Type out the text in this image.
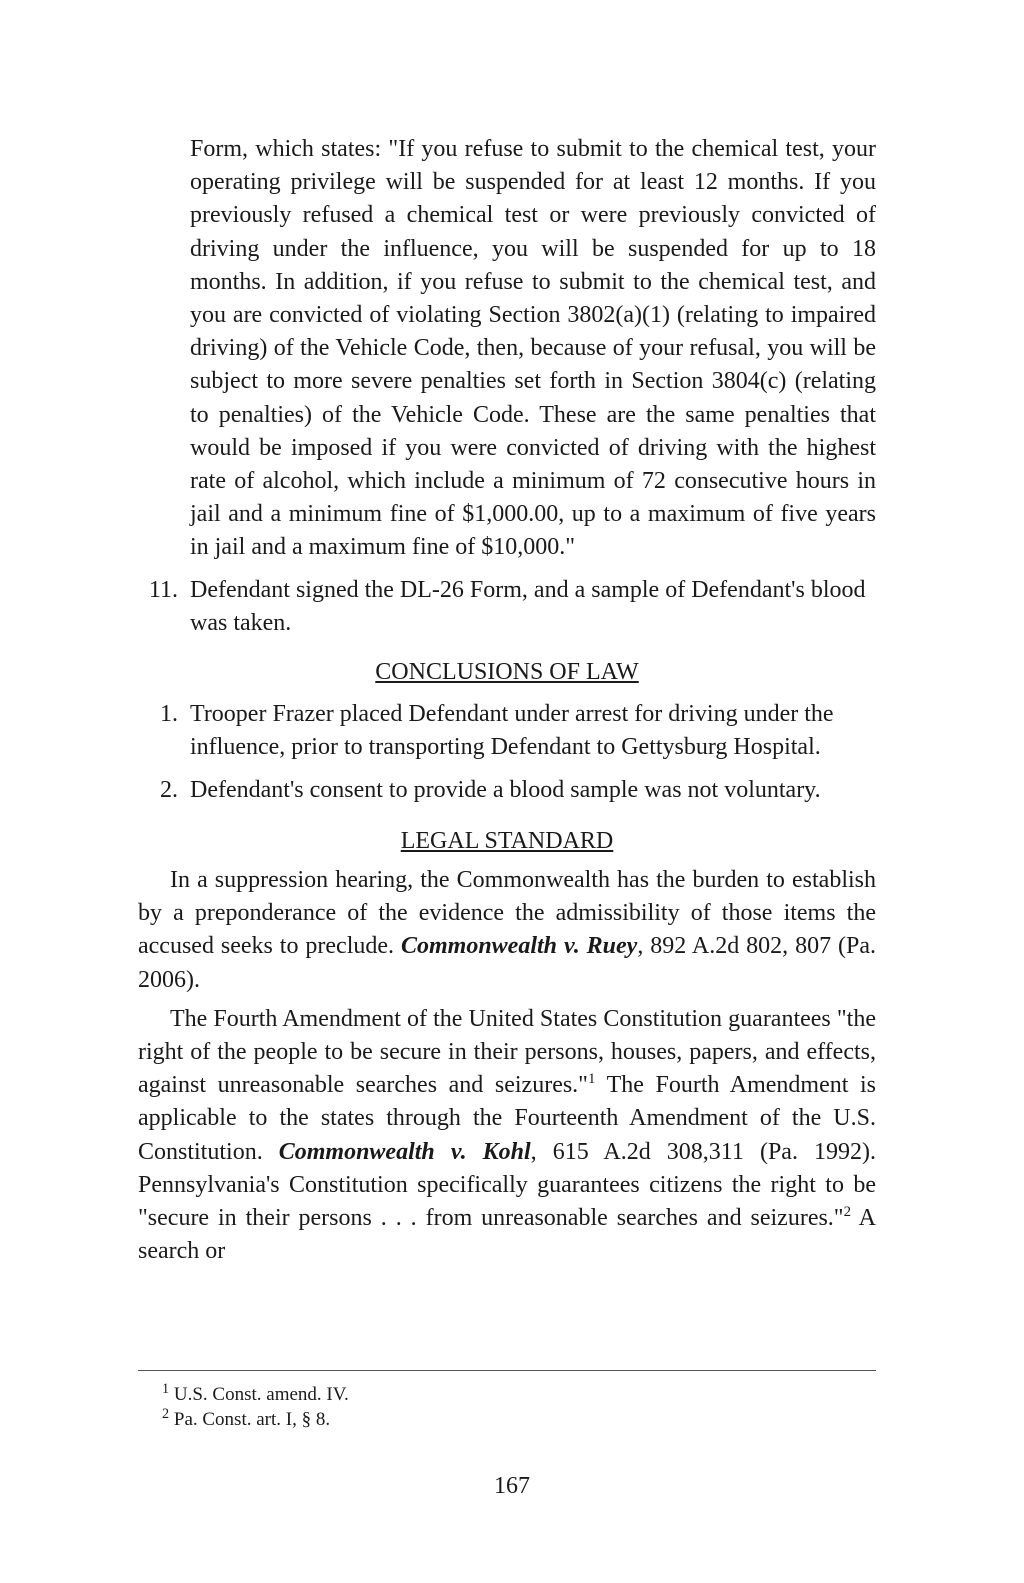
Form, which states: "If you refuse to submit to the chemical test, your operating privilege will be suspended for at least 12 months. If you previously refused a chemical test or were previously convicted of driving under the influence, you will be suspended for up to 18 months. In addition, if you refuse to submit to the chemical test, and you are convicted of violating Section 3802(a)(1) (relating to impaired driving) of the Vehicle Code, then, because of your refusal, you will be subject to more severe penalties set forth in Section 3804(c) (relating to penalties) of the Vehicle Code. These are the same penalties that would be imposed if you were convicted of driving with the highest rate of alcohol, which include a minimum of 72 consecutive hours in jail and a minimum fine of $1,000.00, up to a maximum of five years in jail and a maximum fine of $10,000."

11. Defendant signed the DL-26 Form, and a sample of Defendant's blood was taken.

CONCLUSIONS OF LAW

1. Trooper Frazer placed Defendant under arrest for driving under the influence, prior to transporting Defendant to Gettysburg Hospital.

2. Defendant's consent to provide a blood sample was not voluntary.

LEGAL STANDARD

In a suppression hearing, the Commonwealth has the burden to establish by a preponderance of the evidence the admissibility of those items the accused seeks to preclude. Commonwealth v. Ruey, 892 A.2d 802, 807 (Pa. 2006).

The Fourth Amendment of the United States Constitution guarantees "the right of the people to be secure in their persons, houses, papers, and effects, against unreasonable searches and seizures."$^1$ The Fourth Amendment is applicable to the states through the Fourteenth Amendment of the U.S. Constitution. Commonwealth v. Kohl, 615 A.2d 308,311 (Pa. 1992). Pennsylvania's Constitution specifically guarantees citizens the right to be "secure in their persons . . . from unreasonable searches and seizures."$^2$ A search or

$^1$ U.S. Const. amend. IV.
$^2$ Pa. Const. art. I, § 8.
167
